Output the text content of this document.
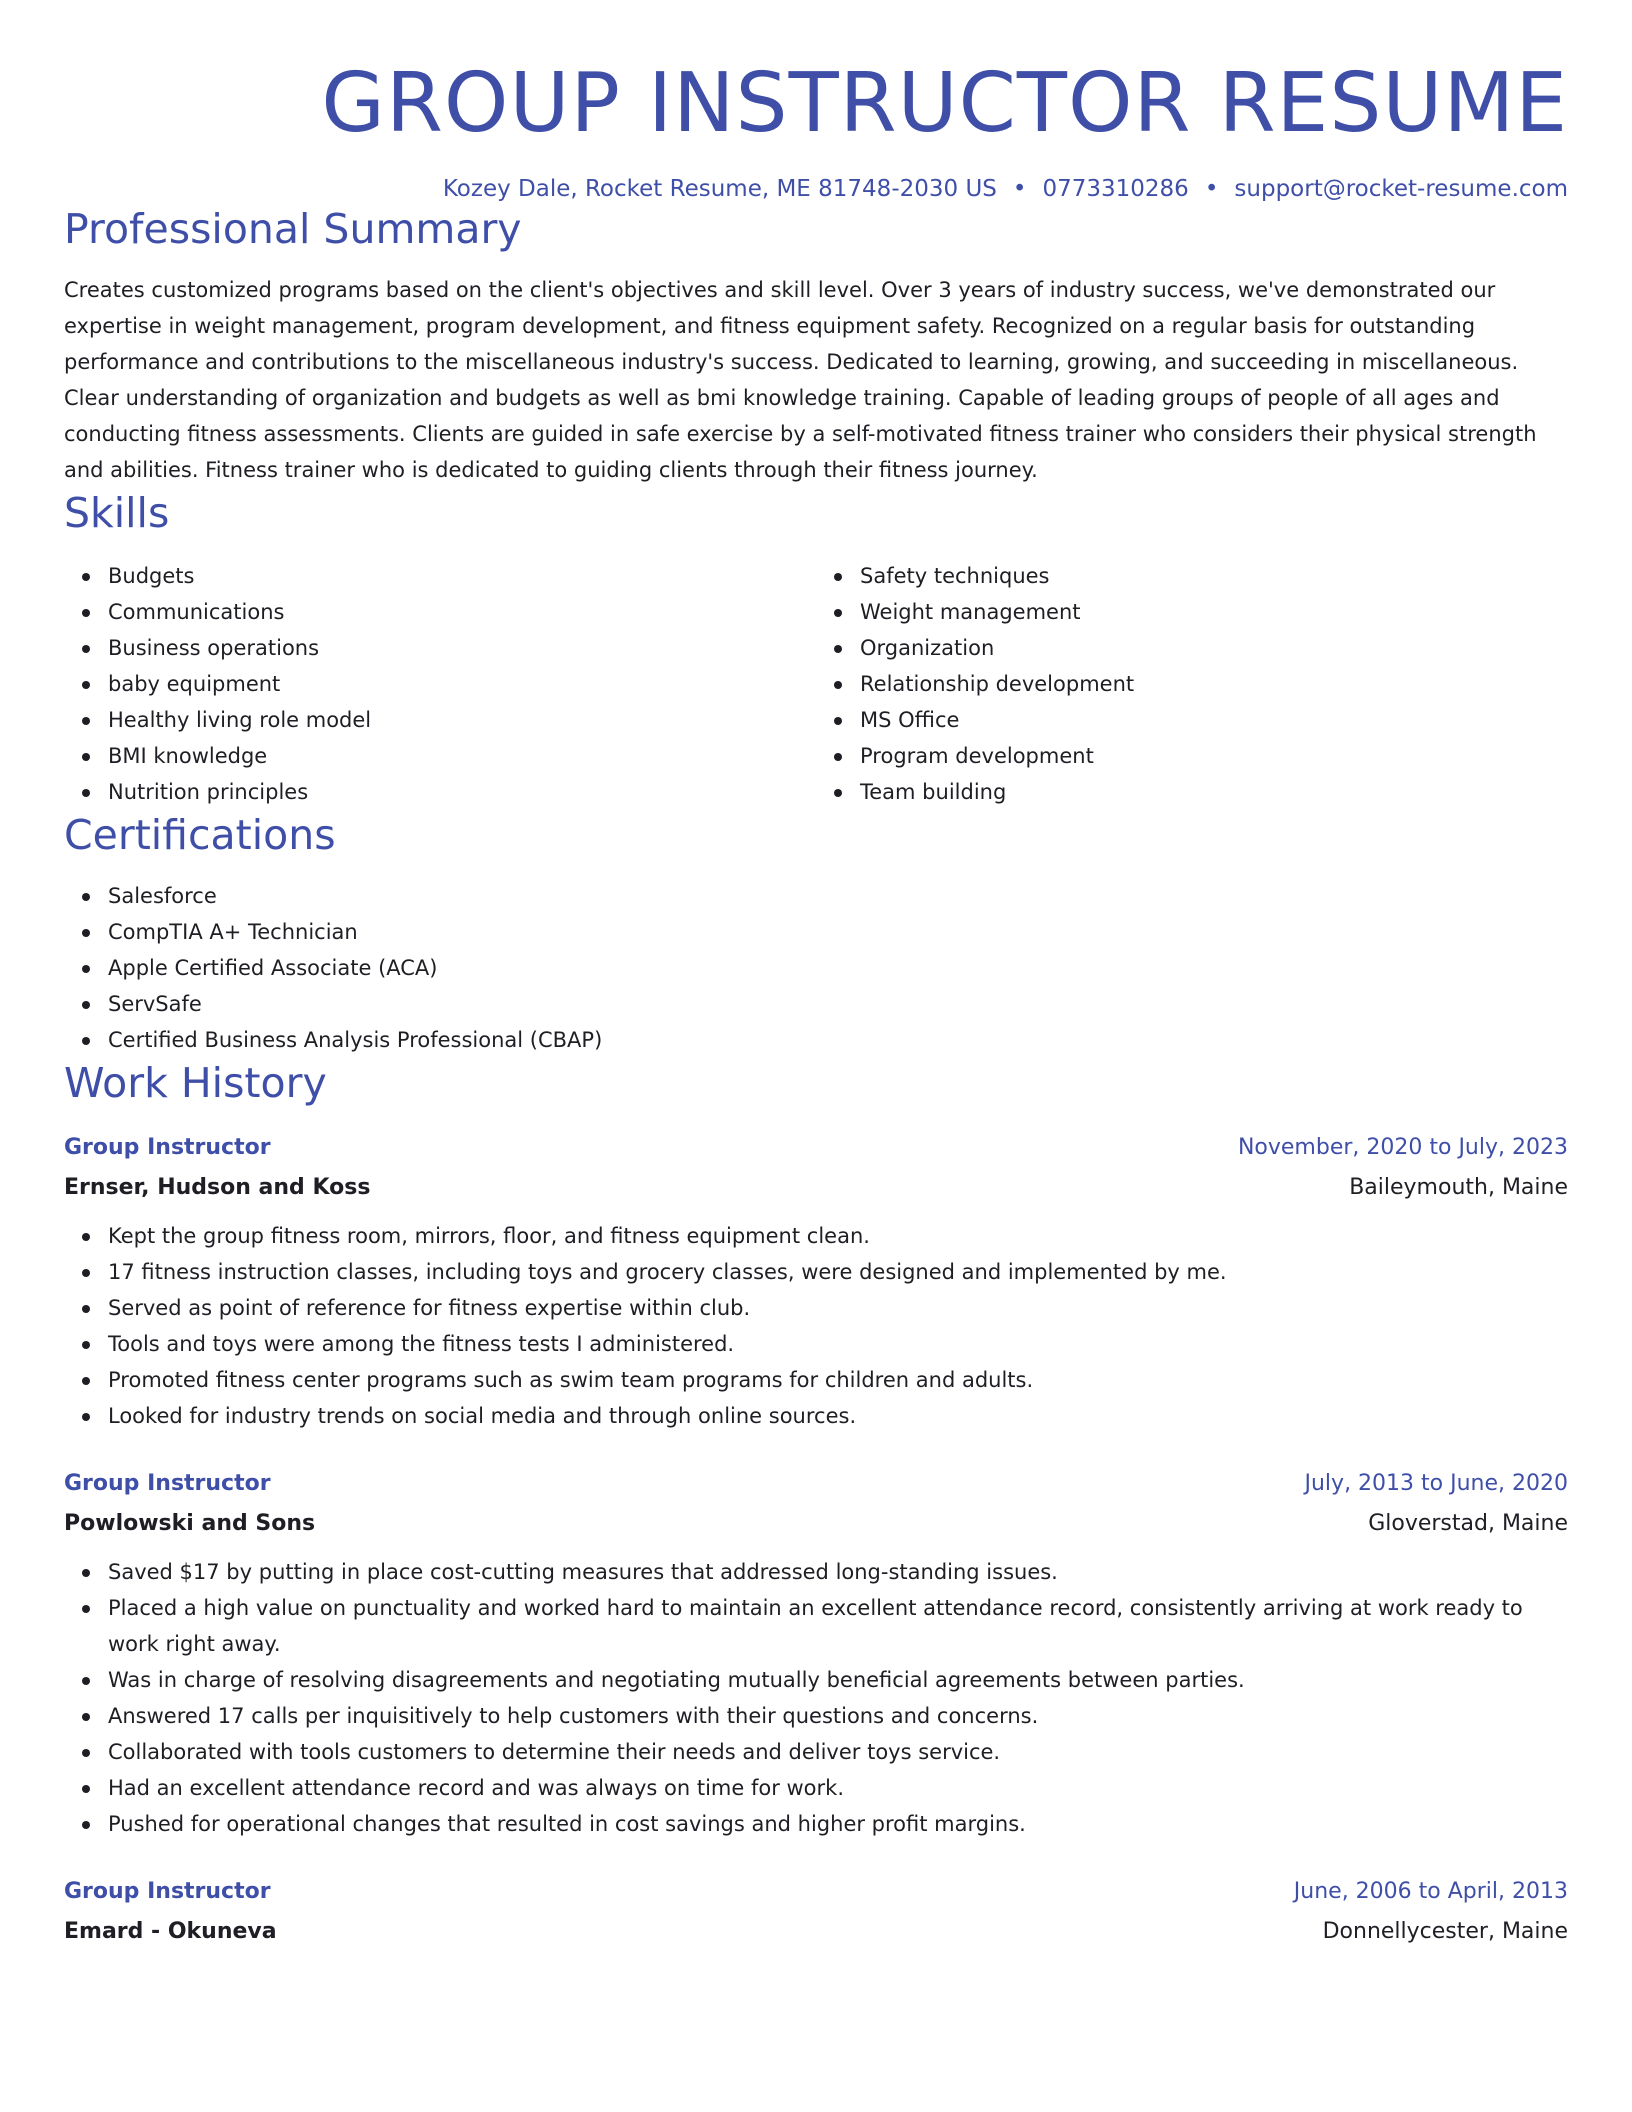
GROUP INSTRUCTOR RESUME
Kozey Dale, Rocket Resume, ME 81748-2030 US • 0773310286 • support@rocket-resume.com
Professional Summary

Creates customized programs based on the client's objectives and skill level. Over 3 years of industry success, we've demonstrated our expertise in weight management, program development, and fitness equipment safety. Recognized on a regular basis for outstanding performance and contributions to the miscellaneous industry's success. Dedicated to learning, growing, and succeeding in miscellaneous. Clear understanding of organization and budgets as well as bmi knowledge training. Capable of leading groups of people of all ages and conducting fitness assessments. Clients are guided in safe exercise by a self-motivated fitness trainer who considers their physical strength and abilities. Fitness trainer who is dedicated to guiding clients through their fitness journey.

Skills
Budgets
Communications
Business operations
baby equipment
Healthy living role model
BMI knowledge
Nutrition principles
Safety techniques
Weight management
Organization
Relationship development
MS Office
Program development
Team building
Certifications
Salesforce
CompTIA A+ Technician
Apple Certified Associate (ACA)
ServSafe
Certified Business Analysis Professional (CBAP)
Work History
Group Instructor	November, 2020 to July, 2023
Ernser, Hudson and Koss	Baileymouth, Maine
Kept the group fitness room, mirrors, floor, and fitness equipment clean.
17 fitness instruction classes, including toys and grocery classes, were designed and implemented by me.
Served as point of reference for fitness expertise within club.
Tools and toys were among the fitness tests I administered.
Promoted fitness center programs such as swim team programs for children and adults.
Looked for industry trends on social media and through online sources.
Group Instructor	July, 2013 to June, 2020
Powlowski and Sons	Gloverstad, Maine
Saved $17 by putting in place cost-cutting measures that addressed long-standing issues.
Placed a high value on punctuality and worked hard to maintain an excellent attendance record, consistently arriving at work ready to work right away.
Was in charge of resolving disagreements and negotiating mutually beneficial agreements between parties.
Answered 17 calls per inquisitively to help customers with their questions and concerns.
Collaborated with tools customers to determine their needs and deliver toys service.
Had an excellent attendance record and was always on time for work.
Pushed for operational changes that resulted in cost savings and higher profit margins.
Group Instructor	June, 2006 to April, 2013
Emard - Okuneva	Donnellycester, Maine
